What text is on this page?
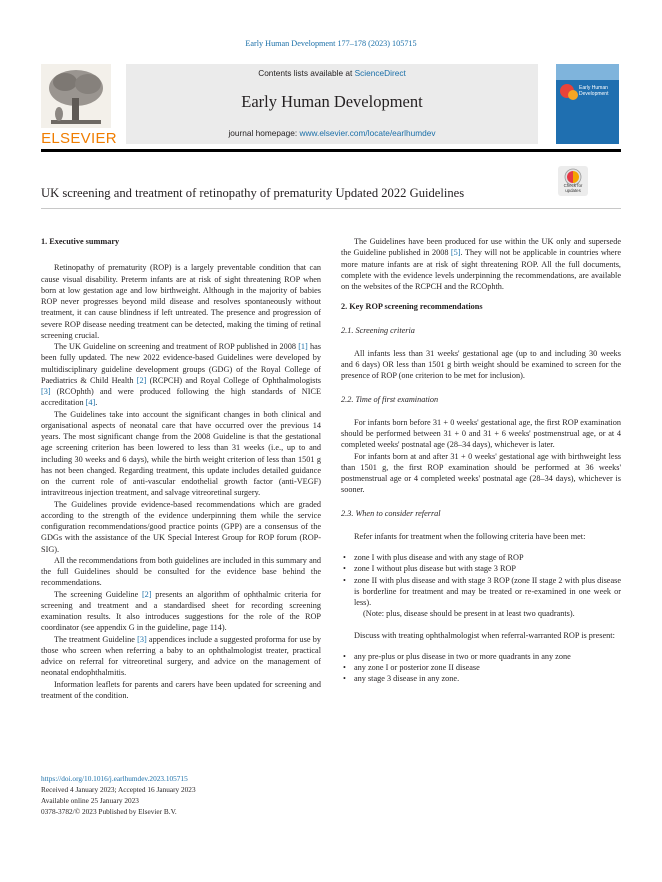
Early Human Development 177–178 (2023) 105715
ELSEVIER
Contents lists available at ScienceDirect
Early Human Development
journal homepage: www.elsevier.com/locate/earlhumdev
Early Human
Development
UK screening and treatment of retinopathy of prematurity Updated 2022 Guidelines
Check for
updates
1. Executive summary

Retinopathy of prematurity (ROP) is a largely preventable condition that can cause visual disability. Preterm infants are at risk of sight threatening ROP when born at low gestation age and low birthweight. Although in the majority of babies ROP never progresses beyond mild disease and resolves spontaneously without treatment, it can cause blindness if left untreated. The presence and progression of severe ROP disease needing treatment can be detected, making the timing of retinal screening crucial.

The UK Guideline on screening and treatment of ROP published in 2008 [1] has been fully updated. The new 2022 evidence-based Guidelines were developed by multidisciplinary guideline development groups (GDG) of the Royal College of Paediatrics & Child Health [2] (RCPCH) and Royal College of Ophthalmologists [3] (RCOphth) and were produced following the high standards of NICE accreditation [4].

The Guidelines take into account the significant changes in both clinical and organisational aspects of neonatal care that have occurred over the previous 14 years. The most significant change from the 2008 Guideline is that the gestational age screening criterion has been lowered to less than 31 weeks (i.e., up to and including 30 weeks and 6 days), while the birth weight criterion of less than 1501 g has not been changed. Regarding treatment, this update includes detailed guidance on the current role of anti-vascular endothelial growth factor (anti-VEGF) intravitreous injection treatment, and salvage vitreoretinal surgery.

The Guidelines provide evidence-based recommendations which are graded according to the strength of the evidence underpinning them while the service configuration recommendations/good practice points (GPP) are a consensus of the GDGs with the assistance of the UK Special Interest Group for ROP forum (ROP-SIG).

All the recommendations from both guidelines are included in this summary and the full Guidelines should be consulted for the evidence base behind the recommendations.

The screening Guideline [2] presents an algorithm of ophthalmic criteria for screening and treatment and a standardised sheet for recording screening examination results. It also introduces suggestions for the role of the ROP coordinator (see appendix G in the guideline, page 114).

The treatment Guideline [3] appendices include a suggested proforma for use by those who screen when referring a baby to an ophthalmologist treater, practical advice on referral for vitreoretinal surgery, and advice on the management of neonatal endophthalmitis.

Information leaflets for parents and carers have been updated for screening and treatment of the condition.

The Guidelines have been produced for use within the UK only and supersede the Guideline published in 2008 [5]. They will not be applicable in countries where more mature infants are at risk of sight threatening ROP. All the full documents, complete with the evidence levels underpinning the recommendations, are available on the websites of the RCPCH and the RCOphth.

2. Key ROP screening recommendations
2.1. Screening criteria

All infants less than 31 weeks' gestational age (up to and including 30 weeks and 6 days) OR less than 1501 g birth weight should be examined to screen for the presence of ROP (one criterion to be met for inclusion).

2.2. Time of first examination

For infants born before 31 + 0 weeks' gestational age, the first ROP examination should be performed between 31 + 0 and 31 + 6 weeks' postmenstrual age, or at 4 completed weeks' postnatal age (28–34 days), whichever is later.

For infants born at and after 31 + 0 weeks' gestational age with birthweight less than 1501 g, the first ROP examination should be performed at 36 weeks' postmenstrual age or 4 completed weeks' postnatal age (28–34 days), whichever is sooner.

2.3. When to consider referral

Refer infants for treatment when the following criteria have been met:

• zone I with plus disease and with any stage of ROP
• zone I without plus disease but with stage 3 ROP
• zone II with plus disease and with stage 3 ROP (zone II stage 2 with plus disease is borderline for treatment and may be treated or re-examined in one week or less).
(Note: plus, disease should be present in at least two quadrants).

Discuss with treating ophthalmologist when referral-warranted ROP is present:

• any pre-plus or plus disease in two or more quadrants in any zone
• any zone I or posterior zone II disease
• any stage 3 disease in any zone.
https://doi.org/10.1016/j.earlhumdev.2023.105715
Received 4 January 2023; Accepted 16 January 2023
Available online 25 January 2023
0378-3782/© 2023 Published by Elsevier B.V.
